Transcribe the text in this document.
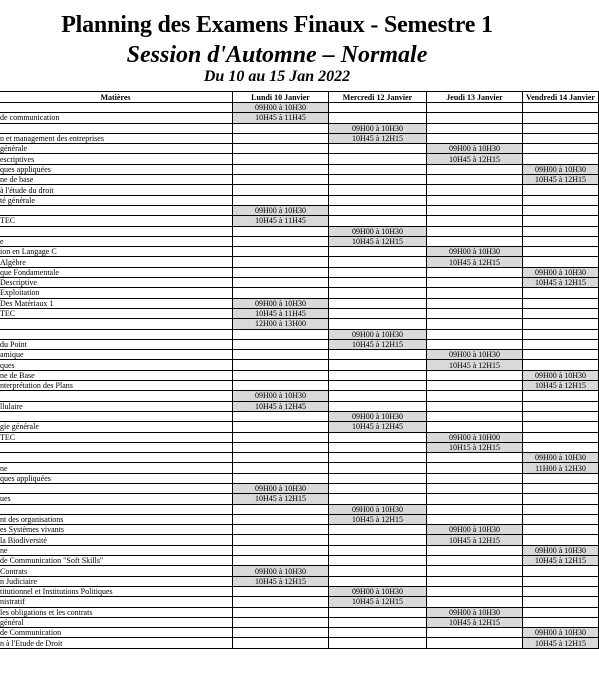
Planning des Examens Finaux - Semestre 1
Session d'Automne – Normale
Du 10 au 15 Jan 2022
Matières	Lundi 10 Janvier	Mercredi 12 Janvier	Jeudi 13 Janvier	Vendredi 14 Janvier
	09H00 à 10H30			
de communication	10H45 à 11H45			
		09H00 à 10H30		
n et management des entreprises		10H45 à 12H15		
générale			09H00 à 10H30	
escriptives			10H45 à 12H15	
ques appliquées				09H00 à 10H30
ne de base				10H45 à 12H15
à l'étude du droit				
té générale				
	09H00 à 10H30			
TEC	10H45 à 11H45			
		09H00 à 10H30		
e		10H45 à 12H15		
ion en Langage C			09H00 à 10H30	
Algèbre			10H45 à 12H15	
que Fondamentale				09H00 à 10H30
Descriptive				10H45 à 12H15
Exploitation				
Des Matériaux 1	09H00 à 10H30			
TEC	10H45 à 11H45			
	12H00 à 13H00			
		09H00 à 10H30		
du Point		10H45 à 12H15		
amique			09H00 à 10H30	
ques			10H45 à 12H15	
ne de Base				09H00 à 10H30
nterprétation des Plans				10H45 à 12H15
	09H00 à 10H30			
llulaire	10H45 à 12H45			
		09H00 à 10H30		
gie générale		10H45 à 12H45		
TEC			09H00 à 10H00	
			10H15 à 12H15	
				09H00 à 10H30
ne				11H00 à 12H30
ques appliquées				
	09H00 à 10H30			
ues	10H45 à 12H15			
		09H00 à 10H30		
nt des organisations		10H45 à 12H15		
es Systèmes vivants			09H00 à 10H30	
la Biodiversité			10H45 à 12H15	
ne				09H00 à 10H30
de Communication "Soft Skills"				10H45 à 12H15
Contrats	09H00 à 10H30			
n Judiciaire	10H45 à 12H15			
titutionnel et Institutions Politiques		09H00 à 10H30		
nistratif		10H45 à 12H15		
les obligations et les contrats			09H00 à 10H30	
général			10H45 à 12H15	
de Communication				09H00 à 10H30
n à l'Etude de Droit				10H45 à 12H15
